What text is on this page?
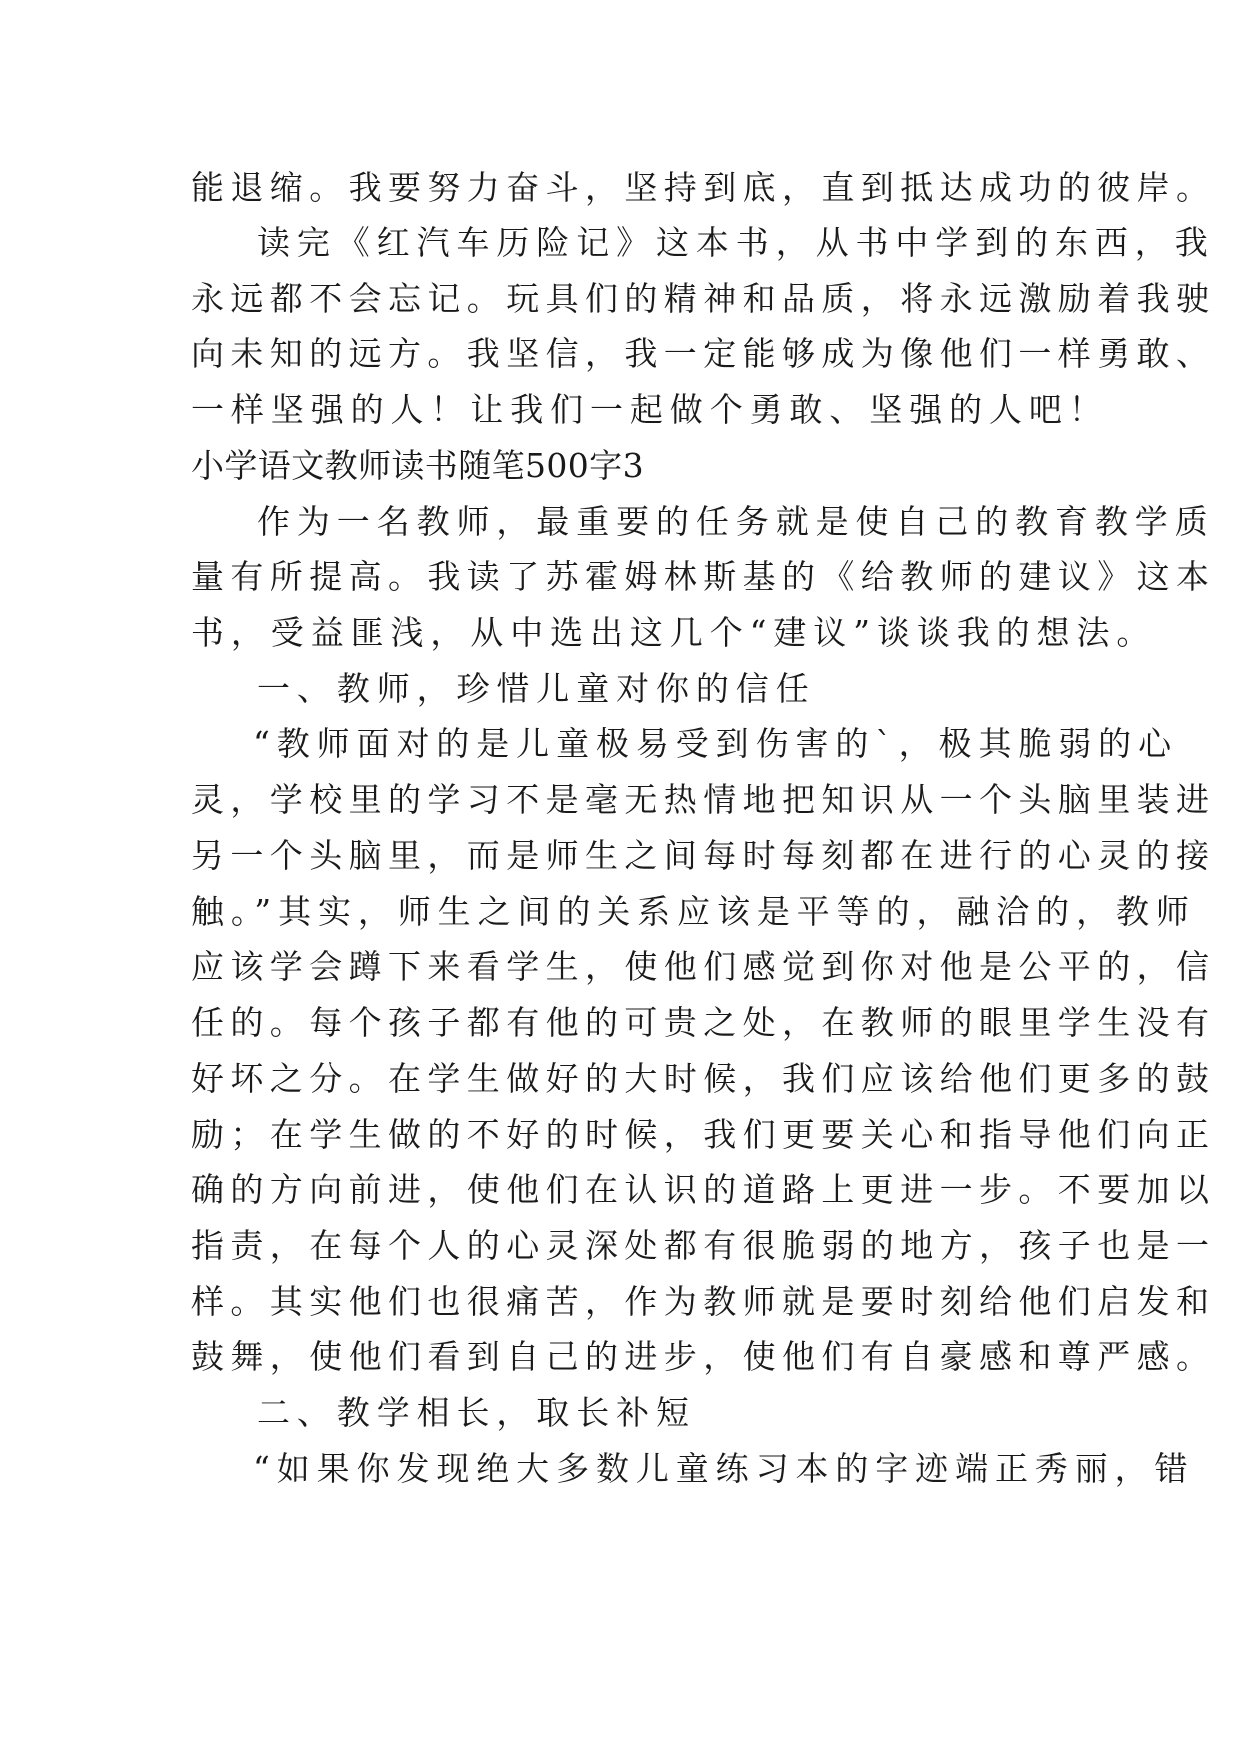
能退缩。我要努力奋斗，坚持到底，直到抵达成功的彼岸。
读完《红汽车历险记》这本书，从书中学到的东西，我
永远都不会忘记。玩具们的精神和品质，将永远激励着我驶
向未知的远方。我坚信，我一定能够成为像他们一样勇敢、
一样坚强的人！让我们一起做个勇敢、坚强的人吧！
小学语文教师读书随笔500字3
作为一名教师，最重要的任务就是使自己的教育教学质
量有所提高。我读了苏霍姆林斯基的《给教师的建议》这本
书，受益匪浅，从中选出这几个“建议”谈谈我的想法。
一、教师，珍惜儿童对你的信任
“教师面对的是儿童极易受到伤害的`，极其脆弱的心
灵，学校里的学习不是毫无热情地把知识从一个头脑里装进
另一个头脑里，而是师生之间每时每刻都在进行的心灵的接
触。”其实，师生之间的关系应该是平等的，融洽的，教师
应该学会蹲下来看学生，使他们感觉到你对他是公平的，信
任的。每个孩子都有他的可贵之处，在教师的眼里学生没有
好坏之分。在学生做好的大时候，我们应该给他们更多的鼓
励；在学生做的不好的时候，我们更要关心和指导他们向正
确的方向前进，使他们在认识的道路上更进一步。不要加以
指责，在每个人的心灵深处都有很脆弱的地方，孩子也是一
样。其实他们也很痛苦，作为教师就是要时刻给他们启发和
鼓舞，使他们看到自己的进步，使他们有自豪感和尊严感。
二、教学相长，取长补短
“如果你发现绝大多数儿童练习本的字迹端正秀丽，错
